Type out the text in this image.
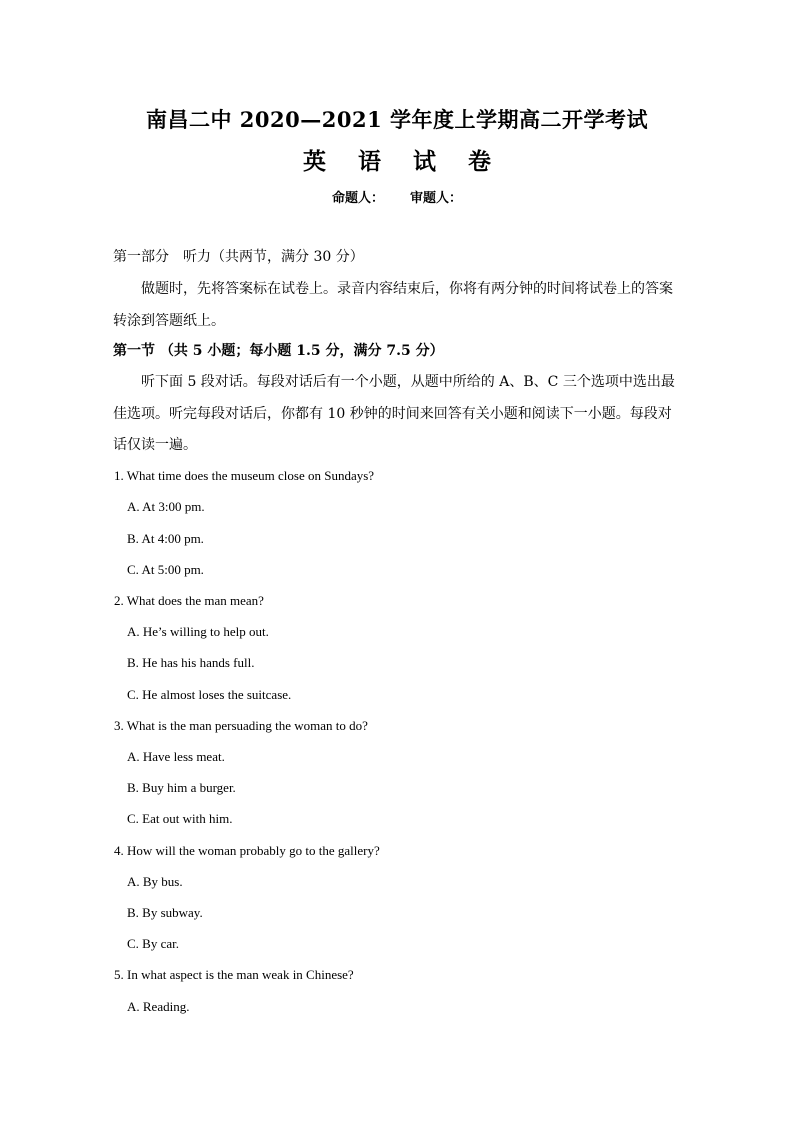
南昌二中 2020—2021 学年度上学期高二开学考试
英 语 试 卷
命题人： 审题人：
第一部分　听力（共两节，满分 30 分）
做题时，先将答案标在试卷上。录音内容结束后，你将有两分钟的时间将试卷上的答案转涂到答题纸上。
第一节 （共 5 小题；每小题 1.5 分，满分 7.5 分）
听下面 5 段对话。每段对话后有一个小题，从题中所给的 A、B、C 三个选项中选出最佳选项。听完每段对话后，你都有 10 秒钟的时间来回答有关小题和阅读下一小题。每段对话仅读一遍。
1. What time does the museum close on Sundays?
A. At 3:00 pm.
B. At 4:00 pm.
C. At 5:00 pm.
2. What does the man mean?
A. He’s willing to help out.
B. He has his hands full.
C. He almost loses the suitcase.
3. What is the man persuading the woman to do?
A. Have less meat.
B. Buy him a burger.
C. Eat out with him.
4. How will the woman probably go to the gallery?
A. By bus.
B. By subway.
C. By car.
5. In what aspect is the man weak in Chinese?
A. Reading.
